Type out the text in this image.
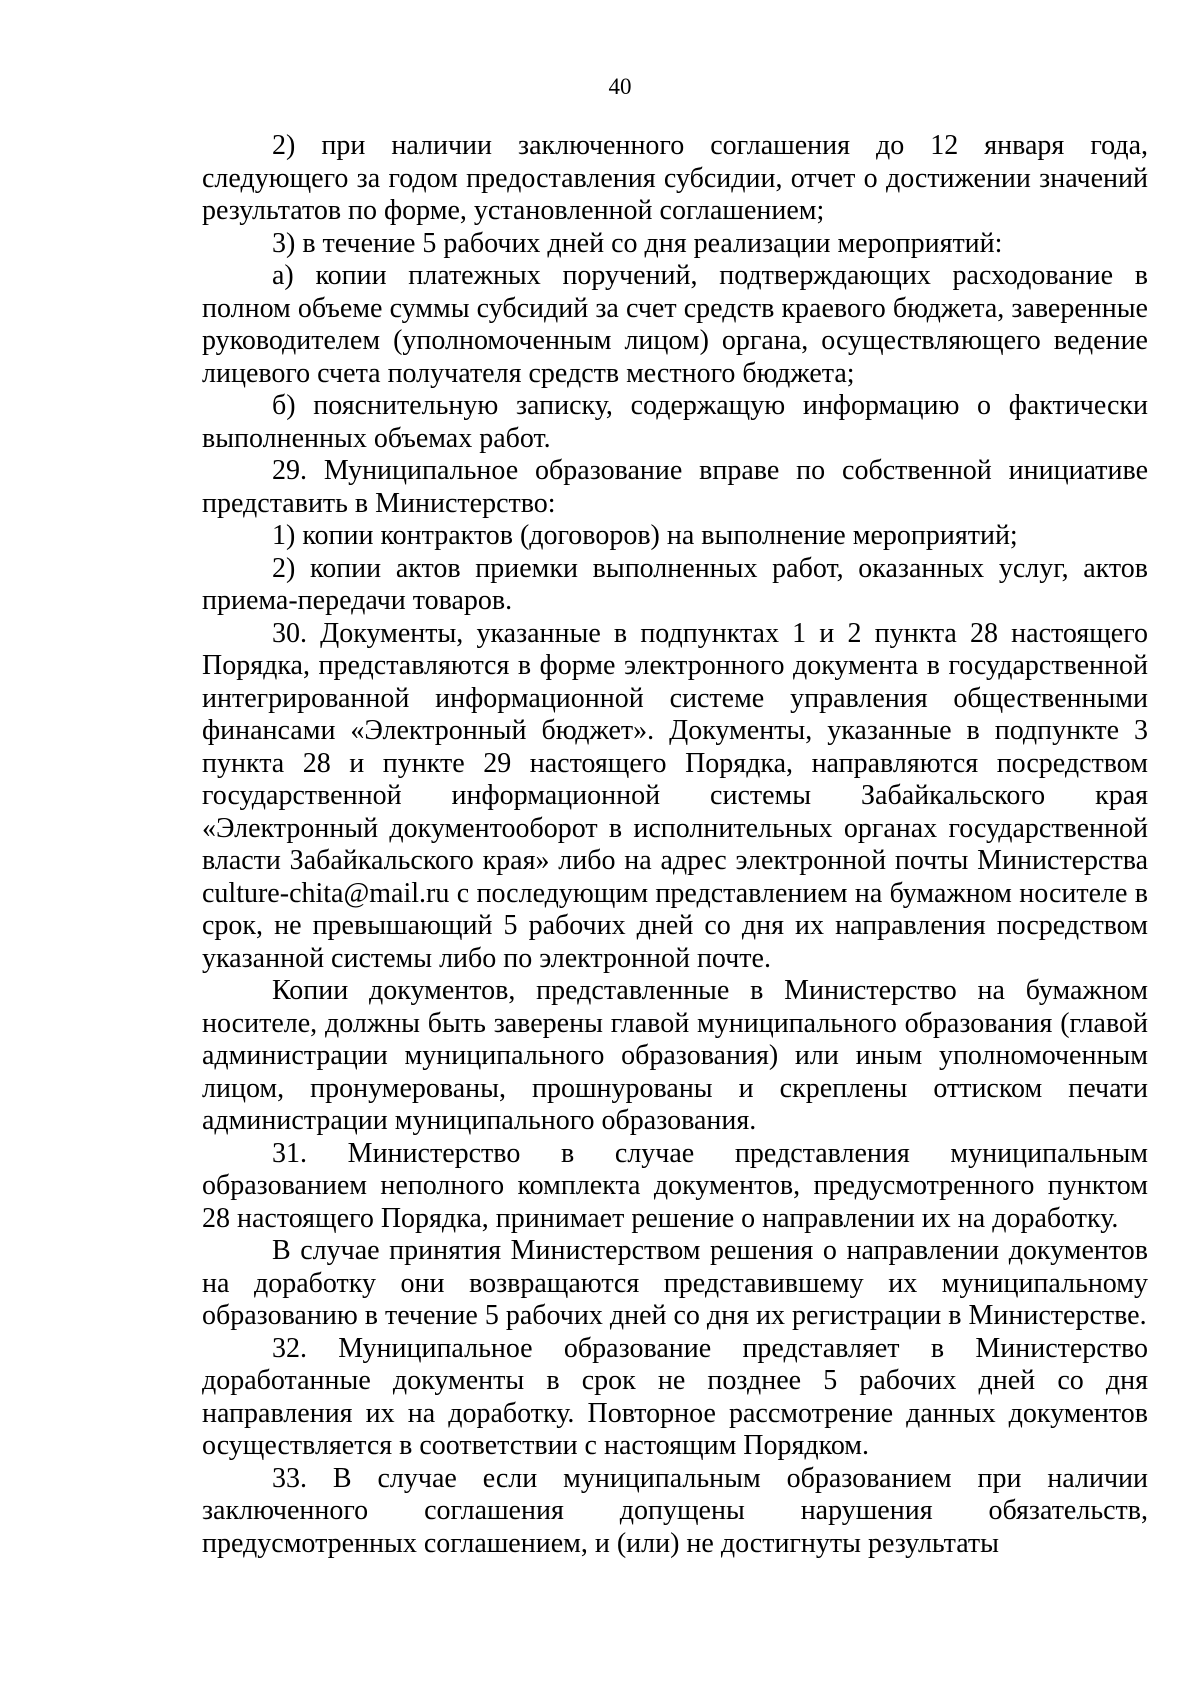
40

2) при наличии заключенного соглашения до 12 января года, следующего за годом предоставления субсидии, отчет о достижении значений результатов по форме, установленной соглашением;

3) в течение 5 рабочих дней со дня реализации мероприятий:

а) копии платежных поручений, подтверждающих расходование в полном объеме суммы субсидий за счет средств краевого бюджета, заверенные руководителем (уполномоченным лицом) органа, осуществляющего ведение лицевого счета получателя средств местного бюджета;

б) пояснительную записку, содержащую информацию о фактически выполненных объемах работ.

29. Муниципальное образование вправе по собственной инициативе представить в Министерство:

1) копии контрактов (договоров) на выполнение мероприятий;

2) копии актов приемки выполненных работ, оказанных услуг, актов приема-передачи товаров.

30. Документы, указанные в подпунктах 1 и 2 пункта 28 настоящего Порядка, представляются в форме электронного документа в государственной интегрированной информационной системе управления общественными финансами «Электронный бюджет». Документы, указанные в подпункте 3 пункта 28 и пункте 29 настоящего Порядка, направляются посредством государственной информационной системы Забайкальского края «Электронный документооборот в исполнительных органах государственной власти Забайкальского края» либо на адрес электронной почты Министерства culture-chita@mail.ru с последующим представлением на бумажном носителе в срок, не превышающий 5 рабочих дней со дня их направления посредством указанной системы либо по электронной почте.

Копии документов, представленные в Министерство на бумажном носителе, должны быть заверены главой муниципального образования (главой администрации муниципального образования) или иным уполномоченным лицом, пронумерованы, прошнурованы и скреплены оттиском печати администрации муниципального образования.

31. Министерство в случае представления муниципальным образованием неполного комплекта документов, предусмотренного пунктом 28 настоящего Порядка, принимает решение о направлении их на доработку.

В случае принятия Министерством решения о направлении документов на доработку они возвращаются представившему их муниципальному образованию в течение 5 рабочих дней со дня их регистрации в Министерстве.

32. Муниципальное образование представляет в Министерство доработанные документы в срок не позднее 5 рабочих дней со дня направления их на доработку. Повторное рассмотрение данных документов осуществляется в соответствии с настоящим Порядком.

33. В случае если муниципальным образованием при наличии заключенного соглашения допущены нарушения обязательств, предусмотренных соглашением, и (или) не достигнуты результаты
